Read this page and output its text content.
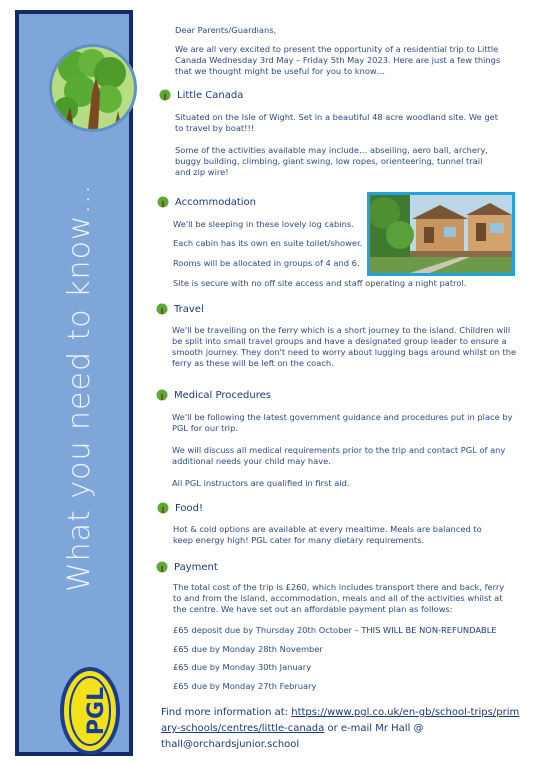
What you need to know…
PGL
Dear Parents/Guardians,
We are all very excited to present the opportunity of a residential trip to Little Canada Wednesday 3rd May – Friday 5th May 2023. Here are just a few things that we thought might be useful for you to know…
Little Canada
Situated on the Isle of Wight. Set in a beautiful 48 acre woodland site. We get to travel by boat!!!
Some of the activities available may include… abseiling, aero ball, archery, buggy building, climbing, giant swing, low ropes, orienteering, tunnel trail and zip wire!
Accommodation
We'll be sleeping in these lovely log cabins.
Each cabin has its own en suite toilet/shower.
Rooms will be allocated in groups of 4 and 6.
Site is secure with no off site access and staff operating a night patrol.
Travel
We'll be travelling on the ferry which is a short journey to the island. Children will be split into small travel groups and have a designated group leader to ensure a smooth journey. They don't need to worry about lugging bags around whilst on the ferry as these will be left on the coach.
Medical Procedures
We'll be following the latest government guidance and procedures put in place by PGL for our trip.
We will discuss all medical requirements prior to the trip and contact PGL of any additional needs your child may have.
All PGL instructors are qualified in first aid.
Food!
Hot & cold options are available at every mealtime. Meals are balanced to keep energy high! PGL cater for many dietary requirements.
Payment
The total cost of the trip is £260, which includes transport there and back, ferry to and from the island, accommodation, meals and all of the activities whilst at the centre. We have set out an affordable payment plan as follows:
£65 deposit due by Thursday 20th October – THIS WILL BE NON-REFUNDABLE
£65 due by Monday 28th November
£65 due by Monday 30th January
£65 due by Monday 27th February
Find more information at: https://www.pgl.co.uk/en-gb/school-trips/primary-schools/centres/little-canada or e-mail Mr Hall @ thall@orchardsjunior.school
